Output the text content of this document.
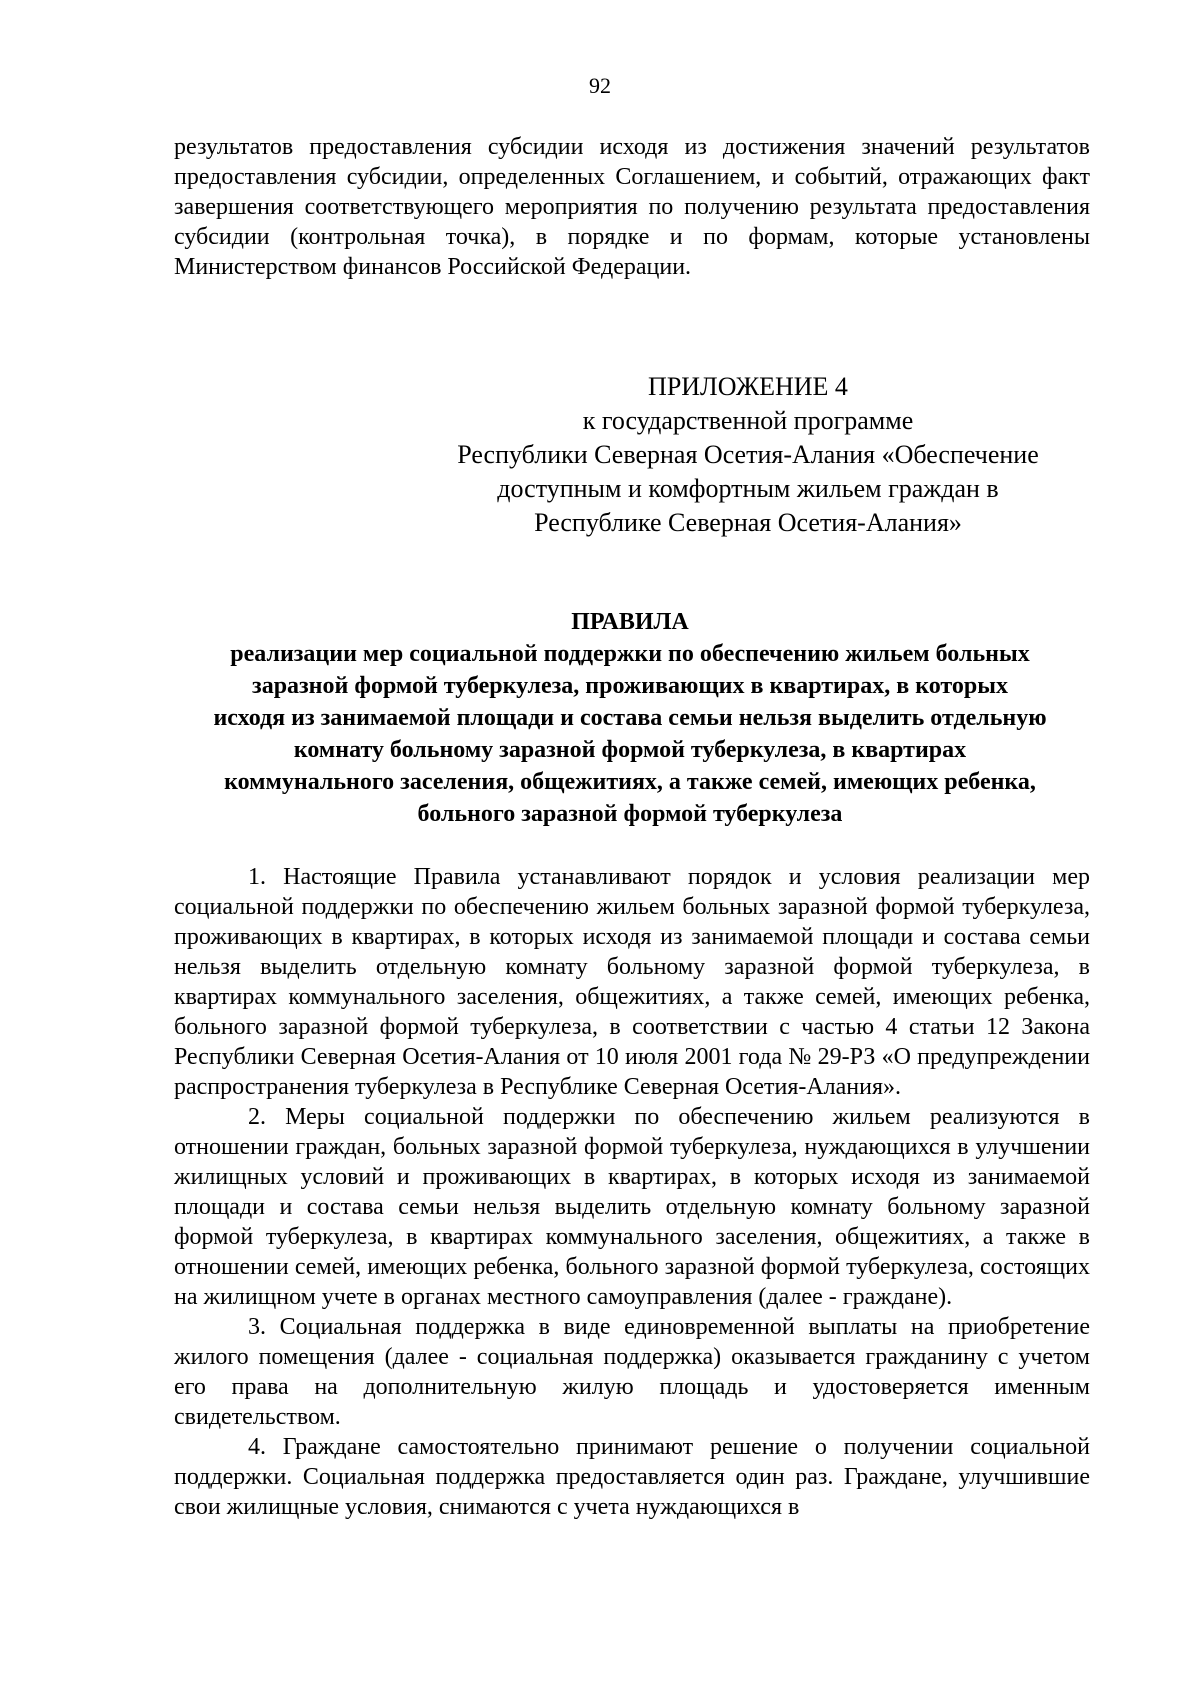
92

результатов предоставления субсидии исходя из достижения значений результатов предоставления субсидии, определенных Соглашением, и событий, отражающих факт завершения соответствующего мероприятия по получению результата предоставления субсидии (контрольная точка), в порядке и по формам, которые установлены Министерством финансов Российской Федерации.

ПРИЛОЖЕНИЕ 4
к государственной программе
Республики Северная Осетия-Алания «Обеспечение
доступным и комфортным жильем граждан в
Республике Северная Осетия-Алания»
ПРАВИЛА
реализации мер социальной поддержки по обеспечению жильем больных
заразной формой туберкулеза, проживающих в квартирах, в которых
исходя из занимаемой площади и состава семьи нельзя выделить отдельную
комнату больному заразной формой туберкулеза, в квартирах
коммунального заселения, общежитиях, а также семей, имеющих ребенка,
больного заразной формой туберкулеза

1. Настоящие Правила устанавливают порядок и условия реализации мер социальной поддержки по обеспечению жильем больных заразной формой туберкулеза, проживающих в квартирах, в которых исходя из занимаемой площади и состава семьи нельзя выделить отдельную комнату больному заразной формой туберкулеза, в квартирах коммунального заселения, общежитиях, а также семей, имеющих ребенка, больного заразной формой туберкулеза, в соответствии с частью 4 статьи 12 Закона Республики Северная Осетия-Алания от 10 июля 2001 года № 29-РЗ «О предупреждении распространения туберкулеза в Республике Северная Осетия-Алания».

2. Меры социальной поддержки по обеспечению жильем реализуются в отношении граждан, больных заразной формой туберкулеза, нуждающихся в улучшении жилищных условий и проживающих в квартирах, в которых исходя из занимаемой площади и состава семьи нельзя выделить отдельную комнату больному заразной формой туберкулеза, в квартирах коммунального заселения, общежитиях, а также в отношении семей, имеющих ребенка, больного заразной формой туберкулеза, состоящих на жилищном учете в органах местного самоуправления (далее - граждане).

3. Социальная поддержка в виде единовременной выплаты на приобретение жилого помещения (далее - социальная поддержка) оказывается гражданину с учетом его права на дополнительную жилую площадь и удостоверяется именным свидетельством.

4. Граждане самостоятельно принимают решение о получении социальной поддержки. Социальная поддержка предоставляется один раз. Граждане, улучшившие свои жилищные условия, снимаются с учета нуждающихся в
